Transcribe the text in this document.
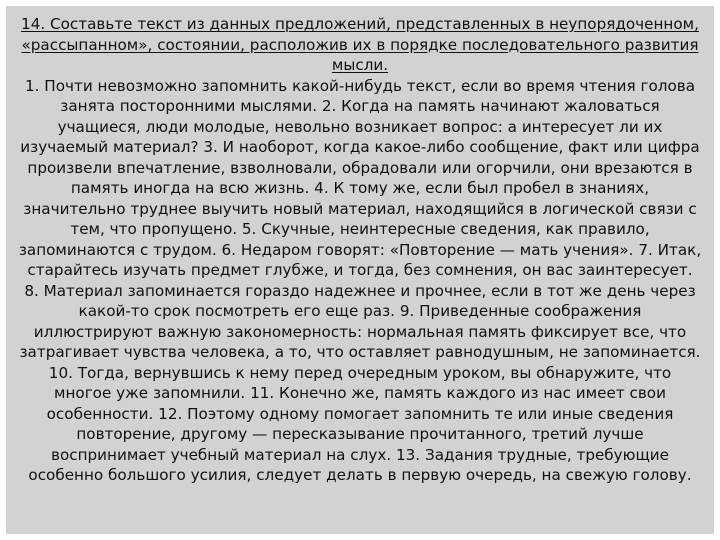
14. Составьте текст из данных предложений, представленных в неупорядоченном, «рассыпанном», состоянии, расположив их в порядке последовательного развития мысли.

1. Почти невозможно запомнить какой-нибудь текст, если во время чтения голова занята посторонними мыслями. 2. Когда на память начинают жаловаться учащиеся, люди молодые, невольно возникает вопрос: а интересует ли их изучаемый материал? 3. И наоборот, когда какое-либо сообщение, факт или цифра произвели впечатление, взволновали, обрадовали или огорчили, они врезаются в память иногда на всю жизнь. 4. К тому же, если был пробел в знаниях, значительно труднее выучить новый материал, находящийся в логической связи с тем, что пропущено. 5. Скучные, неинтересные сведения, как правило, запоминаются с трудом. 6. Недаром говорят: «Повторение — мать учения». 7. Итак, старайтесь изучать предмет глубже, и тогда, без сомнения, он вас заинтересует. 8. Материал запоминается гораздо надежнее и прочнее, если в тот же день через какой-то срок посмотреть его еще раз. 9. Приведенные соображения иллюстрируют важную закономерность: нормальная память фиксирует все, что затрагивает чувства человека, а то, что оставляет равнодушным, не запоминается. 10. Тогда, вернувшись к нему перед очередным уроком, вы обнаружите, что многое уже запомнили. 11. Конечно же, память каждого из нас имеет свои особенности. 12. Поэтому одному помогает запомнить те или иные сведения повторение, другому — пересказывание прочитанного, третий лучше воспринимает учебный материал на слух. 13. Задания трудные, требующие особенно большого усилия, следует делать в первую очередь, на свежую голову.
